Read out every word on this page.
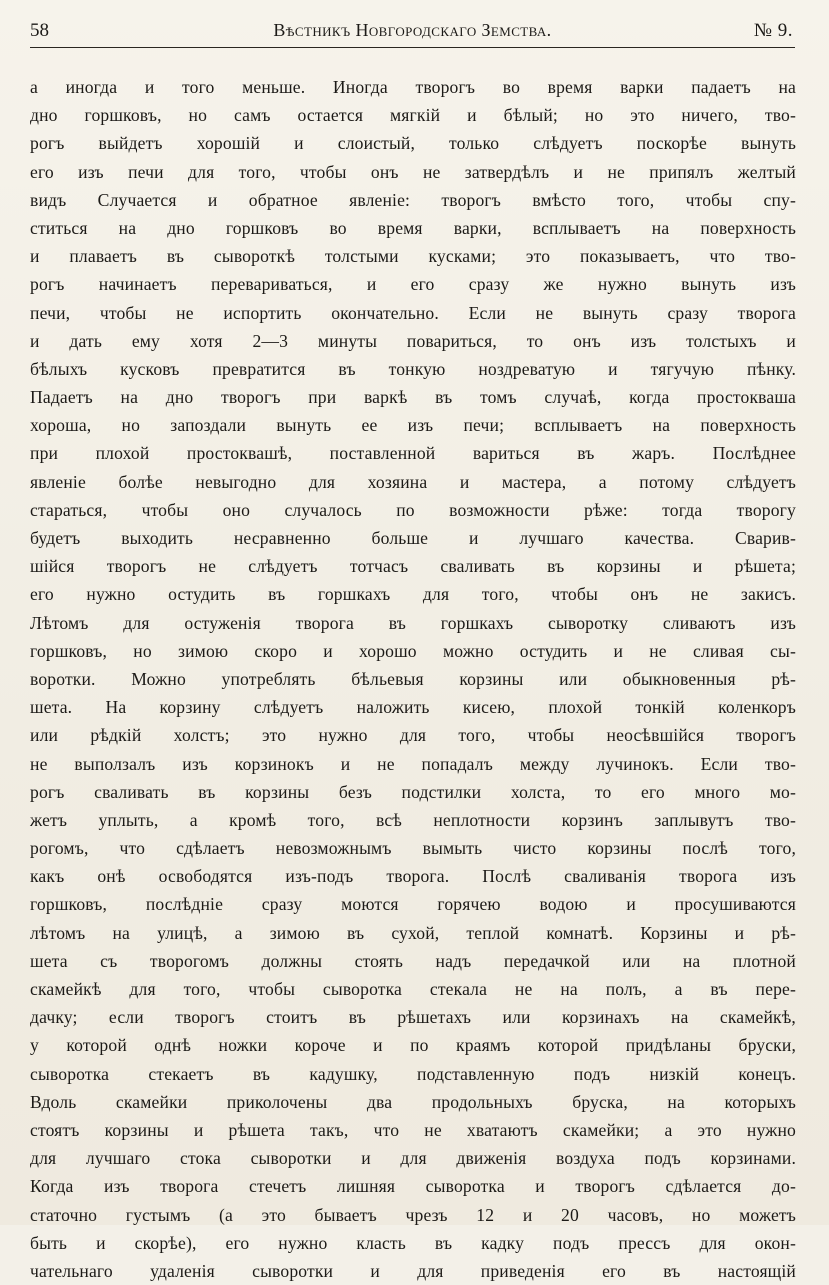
58	Вѣстникъ Новгородскаго Земства.	№ 9.
а иногда и того меньше. Иногда творогъ во время варки падаетъ на
дно горшковъ, но самъ остается мягкій и бѣлый; но это ничего, тво-
рогъ выйдетъ хорошій и слоистый, только слѣдуетъ поскорѣе вынуть
его изъ печи для того, чтобы онъ не затвердѣлъ и не припялъ желтый
видъ Случается и обратное явленіе: творогъ вмѣсто того, чтобы спу-
ститься на дно горшковъ во время варки, всплываетъ на поверхность
и плаваетъ въ сывороткѣ толстыми кусками; это показываетъ, что тво-
рогъ начинаетъ перевариваться, и его сразу же нужно вынуть изъ
печи, чтобы не испортить окончательно. Если не вынуть сразу творога
и дать ему хотя 2—3 минуты повариться, то онъ изъ толстыхъ и
бѣлыхъ кусковъ превратится въ тонкую ноздреватую и тягучую пѣнку.
Падаетъ на дно творогъ при варкѣ въ томъ случаѣ, когда простокваша
хороша, но запоздали вынуть ее изъ печи; всплываетъ на поверхность
при плохой простоквашѣ, поставленной вариться въ жаръ. Послѣднее
явленіе болѣе невыгодно для хозяина и мастера, а потому слѣдуетъ
стараться, чтобы оно случалось по возможности рѣже: тогда творогу
будетъ выходить несравненно больше и лучшаго качества. Сварив-
шійся творогъ не слѣдуетъ тотчасъ сваливать въ корзины и рѣшета;
его нужно остудить въ горшкахъ для того, чтобы онъ не закисъ.
Лѣтомъ для остуженія творога въ горшкахъ сыворотку сливаютъ изъ
горшковъ, но зимою скоро и хорошо можно остудить и не сливая сы-
воротки. Можно употреблять бѣльевыя корзины или обыкновенныя рѣ-
шета. На корзину слѣдуетъ наложить кисею, плохой тонкій коленкоръ
или рѣдкій холстъ; это нужно для того, чтобы неосѣвшійся творогъ
не выползалъ изъ корзинокъ и не попадалъ между лучинокъ. Если тво-
рогъ сваливать въ корзины безъ подстилки холста, то его много мо-
жетъ уплыть, а кромѣ того, всѣ неплотности корзинъ заплывутъ тво-
рогомъ, что сдѣлаетъ невозможнымъ вымыть чисто корзины послѣ того,
какъ онѣ освободятся изъ-подъ творога. Послѣ сваливанія творога изъ
горшковъ, послѣдніе сразу моются горячею водою и просушиваются
лѣтомъ на улицѣ, а зимою въ сухой, теплой комнатѣ. Корзины и рѣ-
шета съ творогомъ должны стоять надъ передачкой или на плотной
скамейкѣ для того, чтобы сыворотка стекала не на полъ, а въ пере-
дачку; если творогъ стоитъ въ рѣшетахъ или корзинахъ на скамейкѣ,
у которой однѣ ножки короче и по краямъ которой придѣланы бруски,
сыворотка стекаетъ въ кадушку, подставленную подъ низкій конецъ.
Вдоль скамейки приколочены два продольныхъ бруска, на которыхъ
стоятъ корзины и рѣшета такъ, что не хватаютъ скамейки; а это нужно
для лучшаго стока сыворотки и для движенія воздуха подъ корзинами.
Когда изъ творога стечетъ лишняя сыворотка и творогъ сдѣлается до-
статочно густымъ (а это бываетъ чрезъ 12 и 20 часовъ, но можетъ
быть и скорѣе), его нужно класть въ кадку подъ прессъ для окон-
чательнаго удаленія сыворотки и для приведенія его въ настоящій
